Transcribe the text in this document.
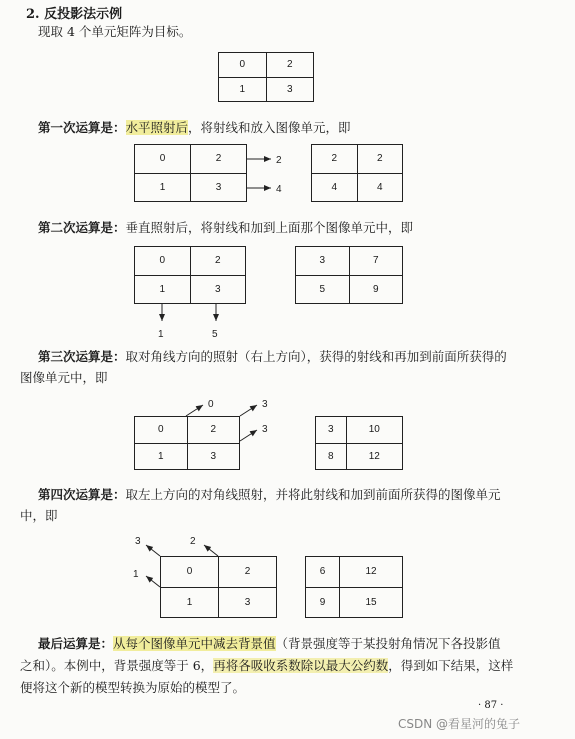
2. 反投影法示例
现取 4 个单元矩阵为目标。
0	2
1	3
第一次运算是：水平照射后，将射线和放入图像单元，即
0	2
1	3
2	2
4	4
第二次运算是：垂直照射后，将射线和加到上面那个图像单元中，即
0	2
1	3
3	7
5	9
第三次运算是：取对角线方向的照射（右上方向），获得的射线和再加到前面所获得的
图像单元中，即
0	2
1	3
3	10
8	12
第四次运算是：取左上方向的对角线照射，并将此射线和加到前面所获得的图像单元
中，即
0	2
1	3
6	12
9	15
2
4
1	5
0	3
3
3	2
1
最后运算是：从每个图像单元中减去背景值（背景强度等于某投射角情况下各投影值
之和）。本例中，背景强度等于 6，再将各吸收系数除以最大公约数，得到如下结果，这样
便将这个新的模型转换为原始的模型了。
· 87 ·
CSDN @看星河的兔子
